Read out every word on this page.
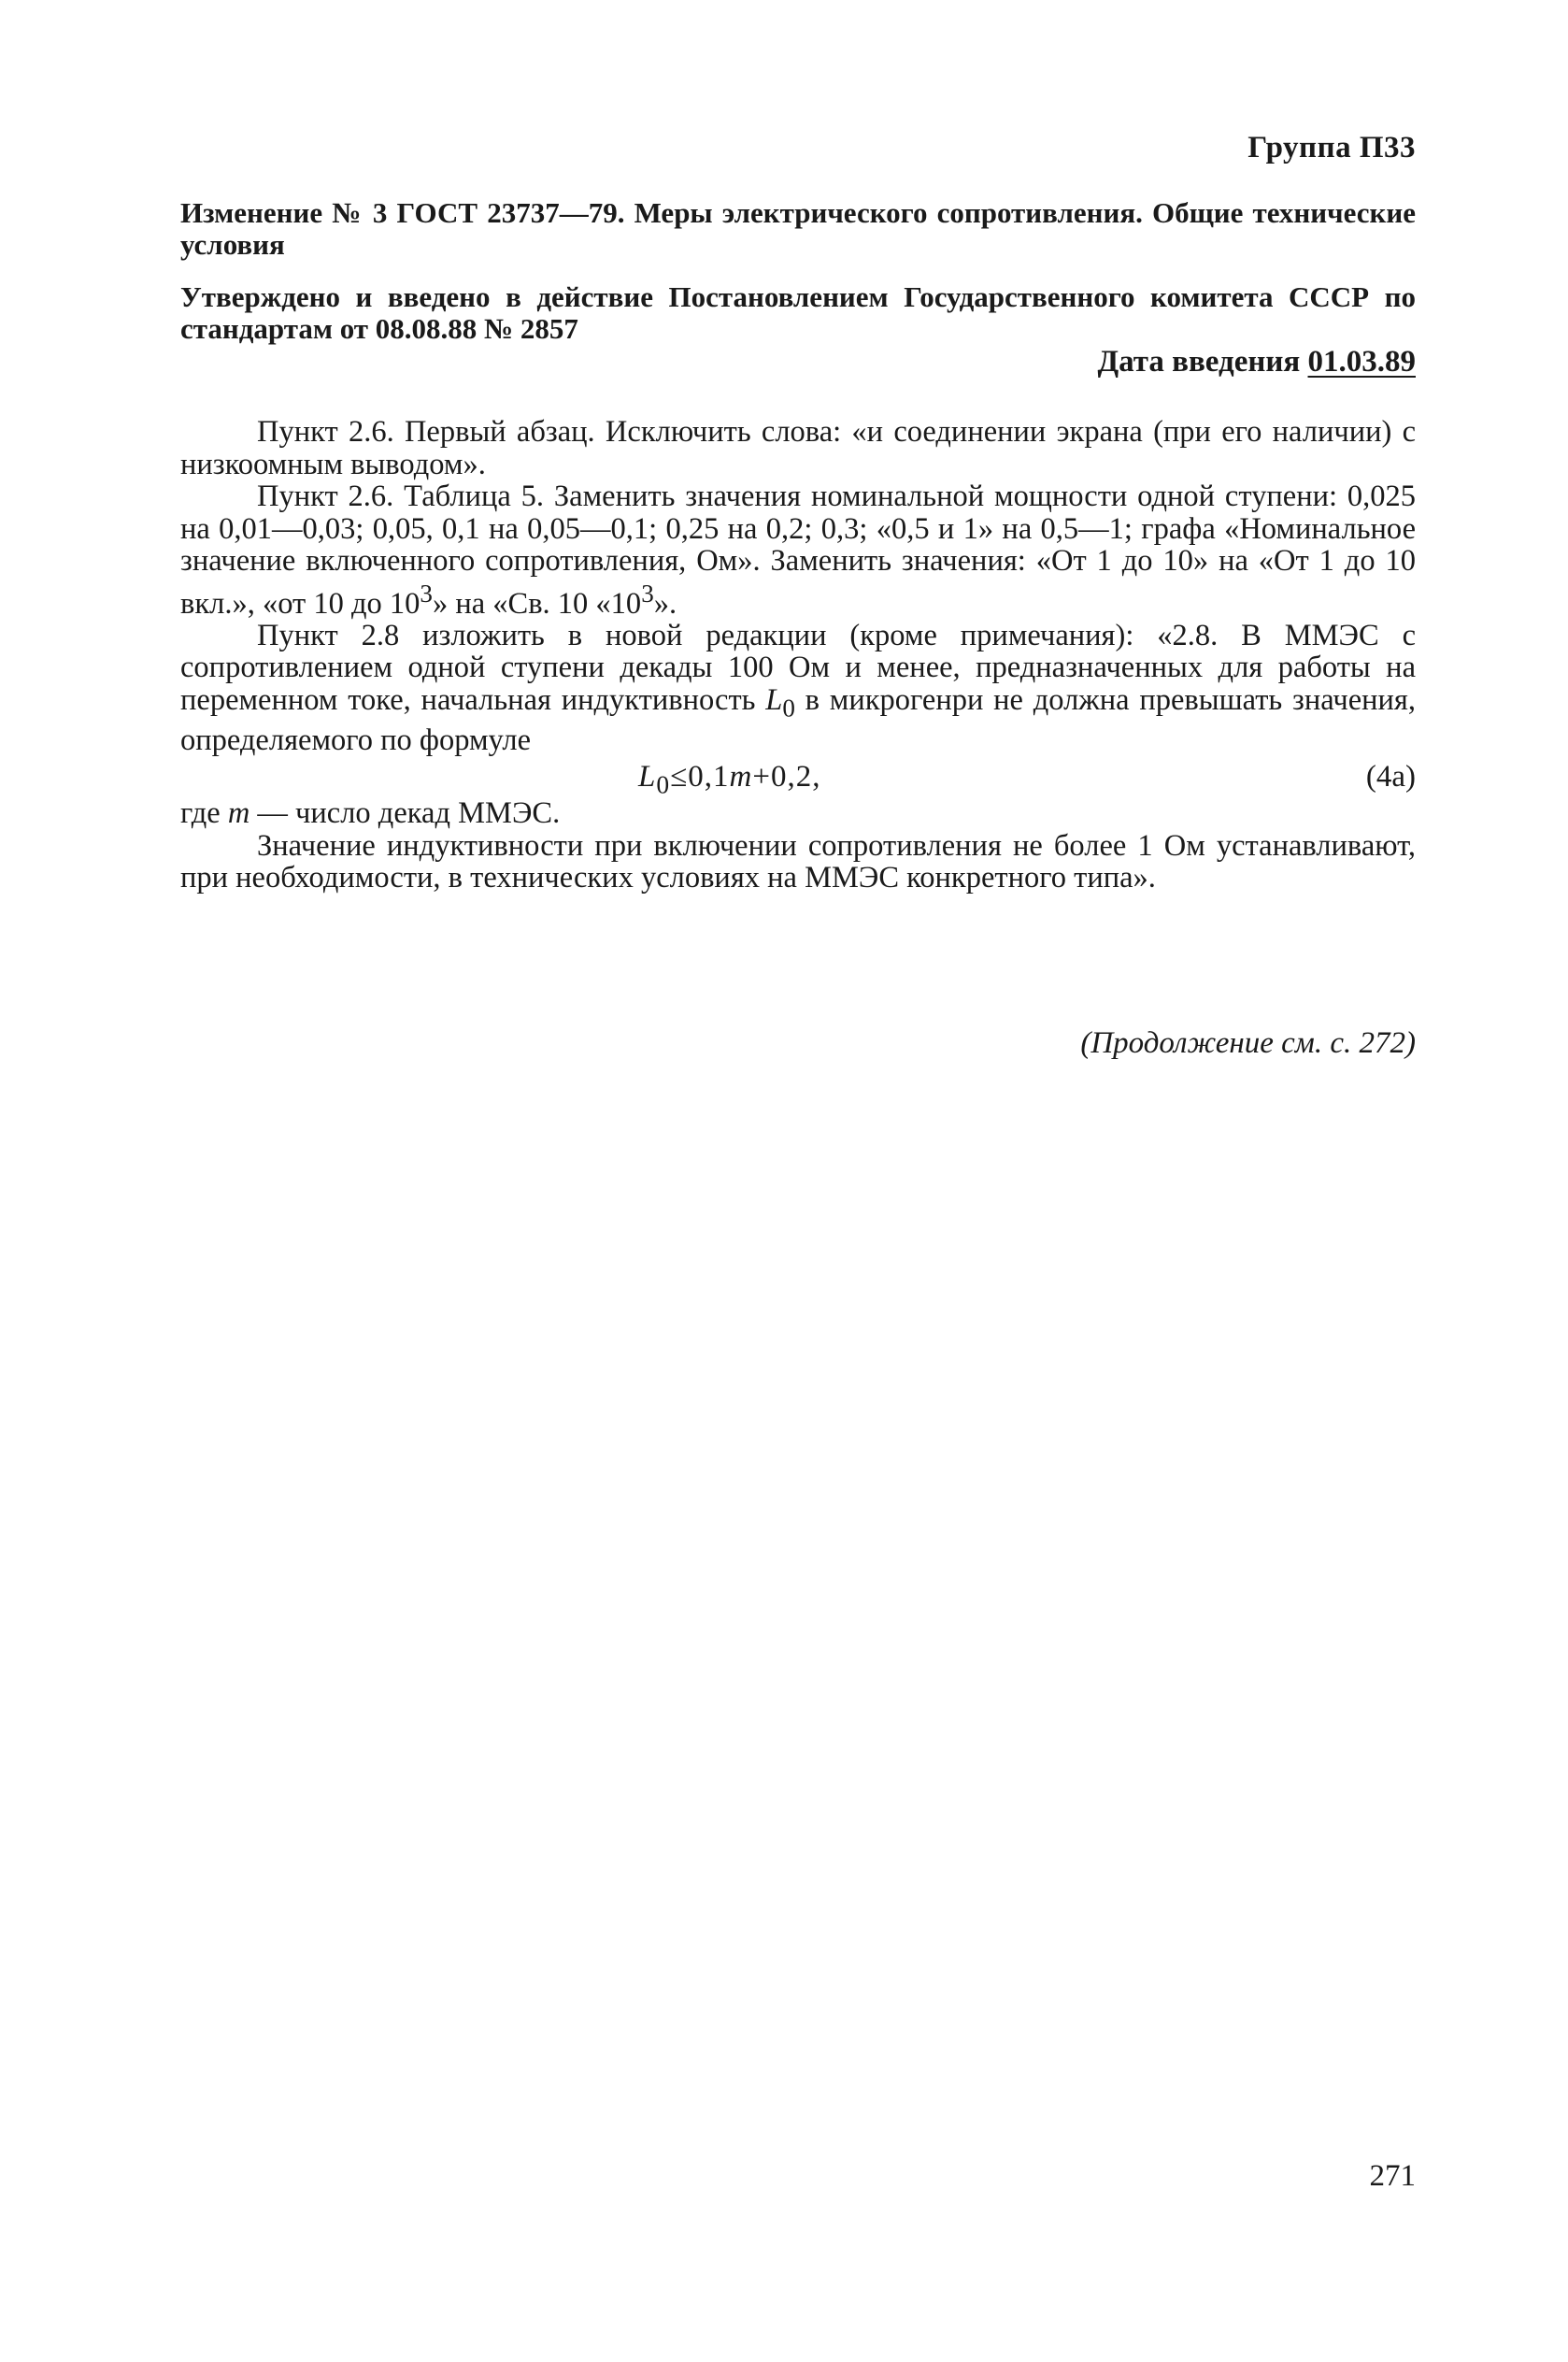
Группа П33
Изменение № 3 ГОСТ 23737—79. Меры электрического сопротивления. Общие технические условия
Утверждено и введено в действие Постановлением Государственного комитета СССР по стандартам от 08.08.88 № 2857
Дата введения 01.03.89

Пункт 2.6. Первый абзац. Исключить слова: «и соединении экрана (при его наличии) с низкоомным выводом».

Пункт 2.6. Таблица 5. Заменить значения номинальной мощности одной ступени: 0,025 на 0,01—0,03; 0,05, 0,1 на 0,05—0,1; 0,25 на 0,2; 0,3; «0,5 и 1» на 0,5—1; графа «Номинальное значение включенного сопротивления, Ом». Заменить значения: «От 1 до 10» на «От 1 до 10 вкл.», «от 10 до $10^3$» на «Св. 10 «$10^3$».

Пункт 2.8 изложить в новой редакции (кроме примечания): «2.8. В ММЭС с сопротивлением одной ступени декады 100 Ом и менее, предназначенных для работы на переменном токе, начальная индуктивность $L_0$ в микрогенри не должна превышать значения, определяемого по формуле

$L_0\le 0,1m+0,2$,	(4а)

где m — число декад ММЭС.

Значение индуктивности при включении сопротивления не более 1 Ом устанавливают, при необходимости, в технических условиях на ММЭС конкретного типа».

(Продолжение см. с. 272)
271
